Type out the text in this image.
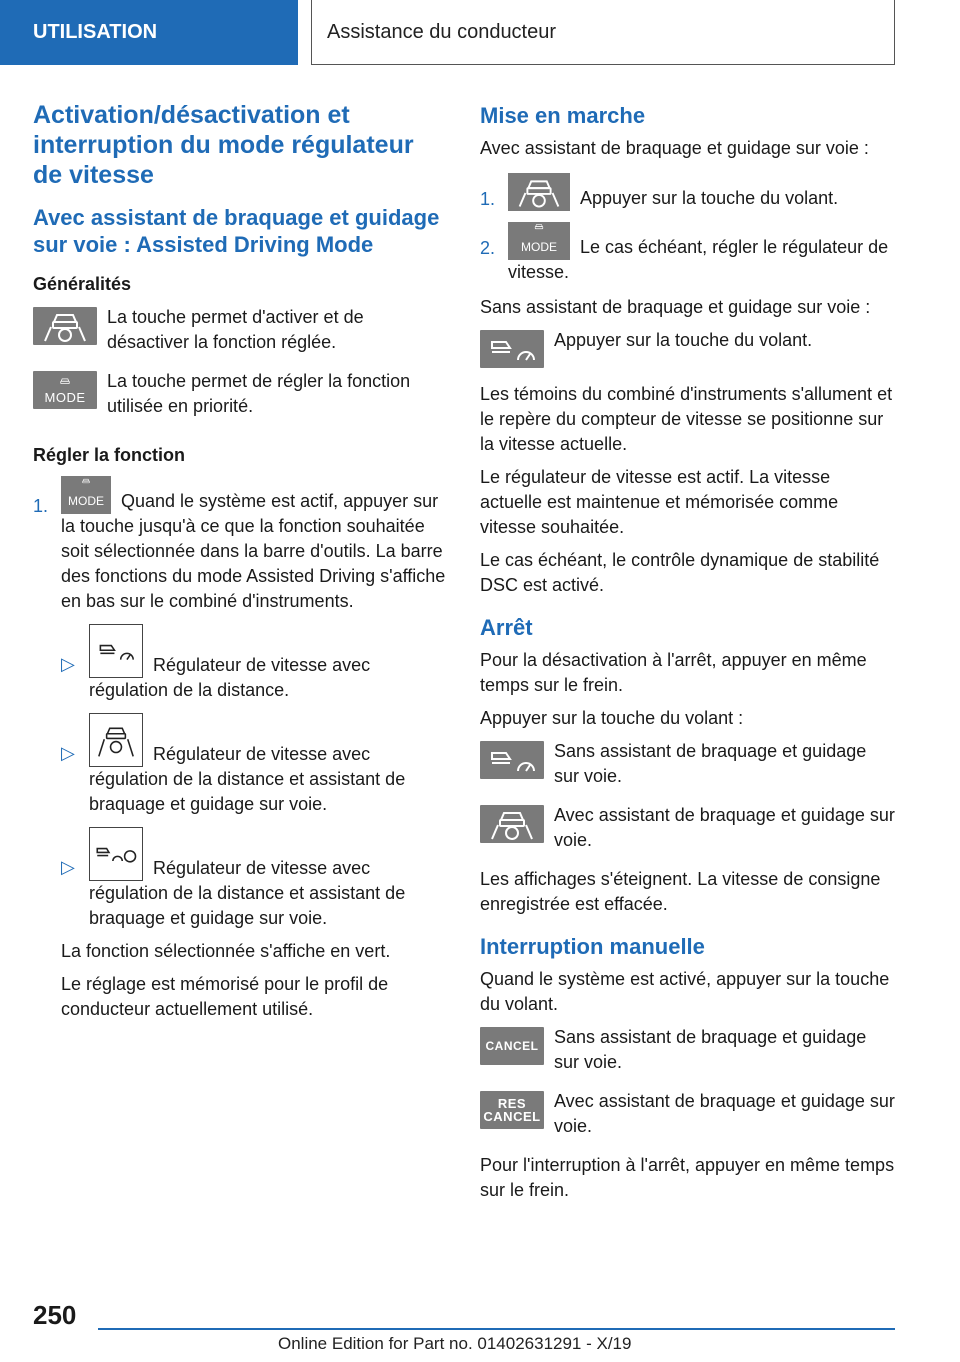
UTILISATION	Assistance du conducteur
Activation/désactivation et interruption du mode régulateur de vitesse
Avec assistant de braquage et guidage sur voie : Assisted Driving Mode
Généralités
La touche permet d'activer et de désactiver la fonction réglée.
MODE
La touche permet de régler la fonction utilisée en priorité.
Régler la fonction
1.	MODE Quand le système est actif, appuyer sur la touche jusqu'à ce que la fonction souhaitée soit sélectionnée dans la barre d'outils. La barre des fonctions du mode Assisted Driving s'affiche en bas sur le combiné d'instruments.
▷	Régulateur de vitesse avec régulation de la distance.
▷	Régulateur de vitesse avec régulation de la distance et assistant de braquage et guidage sur voie.
▷	Régulateur de vitesse avec régulation de la distance et assistant de braquage et guidage sur voie.

La fonction sélectionnée s'affiche en vert.

Le réglage est mémorisé pour le profil de conducteur actuellement utilisé.

Mise en marche

Avec assistant de braquage et guidage sur voie :

1.	Appuyer sur la touche du volant.
2.	MODE Le cas échéant, régler le régulateur de vitesse.

Sans assistant de braquage et guidage sur voie :

Appuyer sur la touche du volant.

Les témoins du combiné d'instruments s'allument et le repère du compteur de vitesse se positionne sur la vitesse actuelle.

Le régulateur de vitesse est actif. La vitesse actuelle est maintenue et mémorisée comme vitesse souhaitée.

Le cas échéant, le contrôle dynamique de stabilité DSC est activé.

Arrêt

Pour la désactivation à l'arrêt, appuyer en même temps sur le frein.

Appuyer sur la touche du volant :

Sans assistant de braquage et guidage sur voie.
Avec assistant de braquage et guidage sur voie.

Les affichages s'éteignent. La vitesse de consigne enregistrée est effacée.

Interruption manuelle

Quand le système est activé, appuyer sur la touche du volant.

CANCEL Sans assistant de braquage et guidage sur voie.
RES
CANCEL
Avec assistant de braquage et guidage sur voie.

Pour l'interruption à l'arrêt, appuyer en même temps sur le frein.

250
Online Edition for Part no. 01402631291 - X/19
